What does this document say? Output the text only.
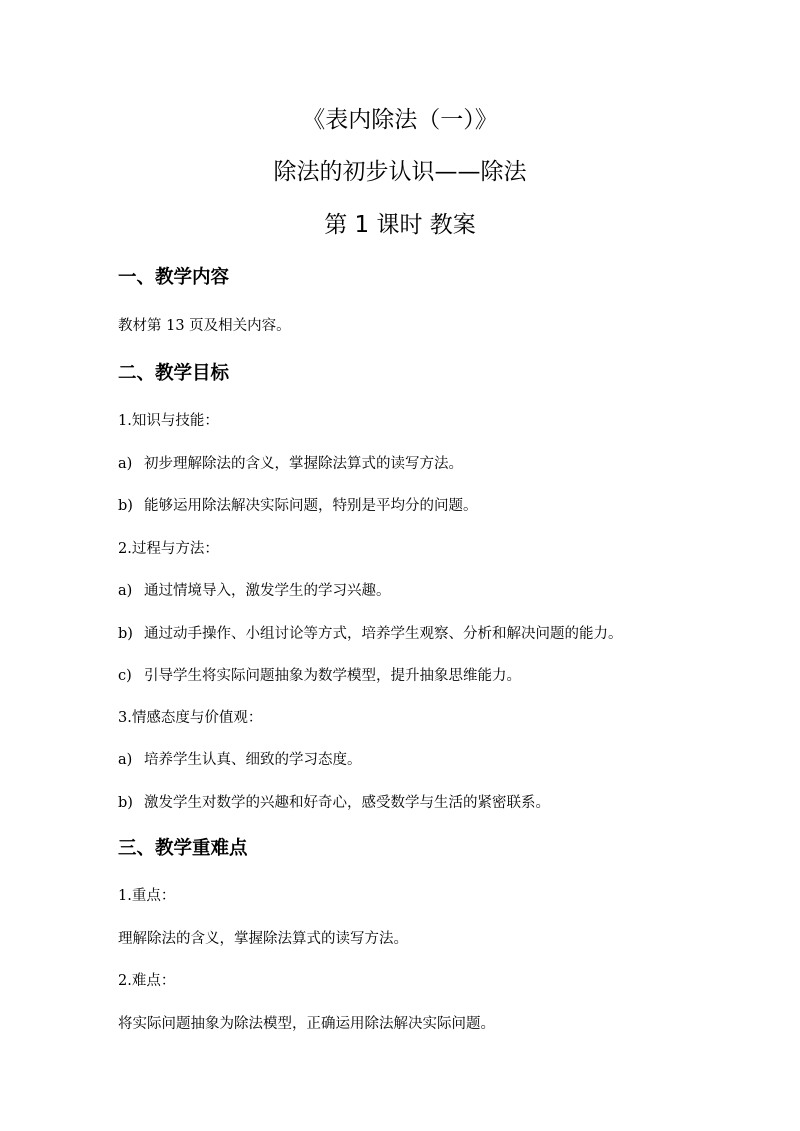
《表内除法（一）》
除法的初步认识——除法
第 1 课时 教案
一、教学内容
教材第 13 页及相关内容。
二、教学目标
1.知识与技能：
a) 初步理解除法的含义，掌握除法算式的读写方法。
b) 能够运用除法解决实际问题，特别是平均分的问题。
2.过程与方法：
a) 通过情境导入，激发学生的学习兴趣。
b) 通过动手操作、小组讨论等方式，培养学生观察、分析和解决问题的能力。
c) 引导学生将实际问题抽象为数学模型，提升抽象思维能力。
3.情感态度与价值观：
a) 培养学生认真、细致的学习态度。
b) 激发学生对数学的兴趣和好奇心，感受数学与生活的紧密联系。
三、教学重难点
1.重点：
理解除法的含义，掌握除法算式的读写方法。
2.难点：
将实际问题抽象为除法模型，正确运用除法解决实际问题。
